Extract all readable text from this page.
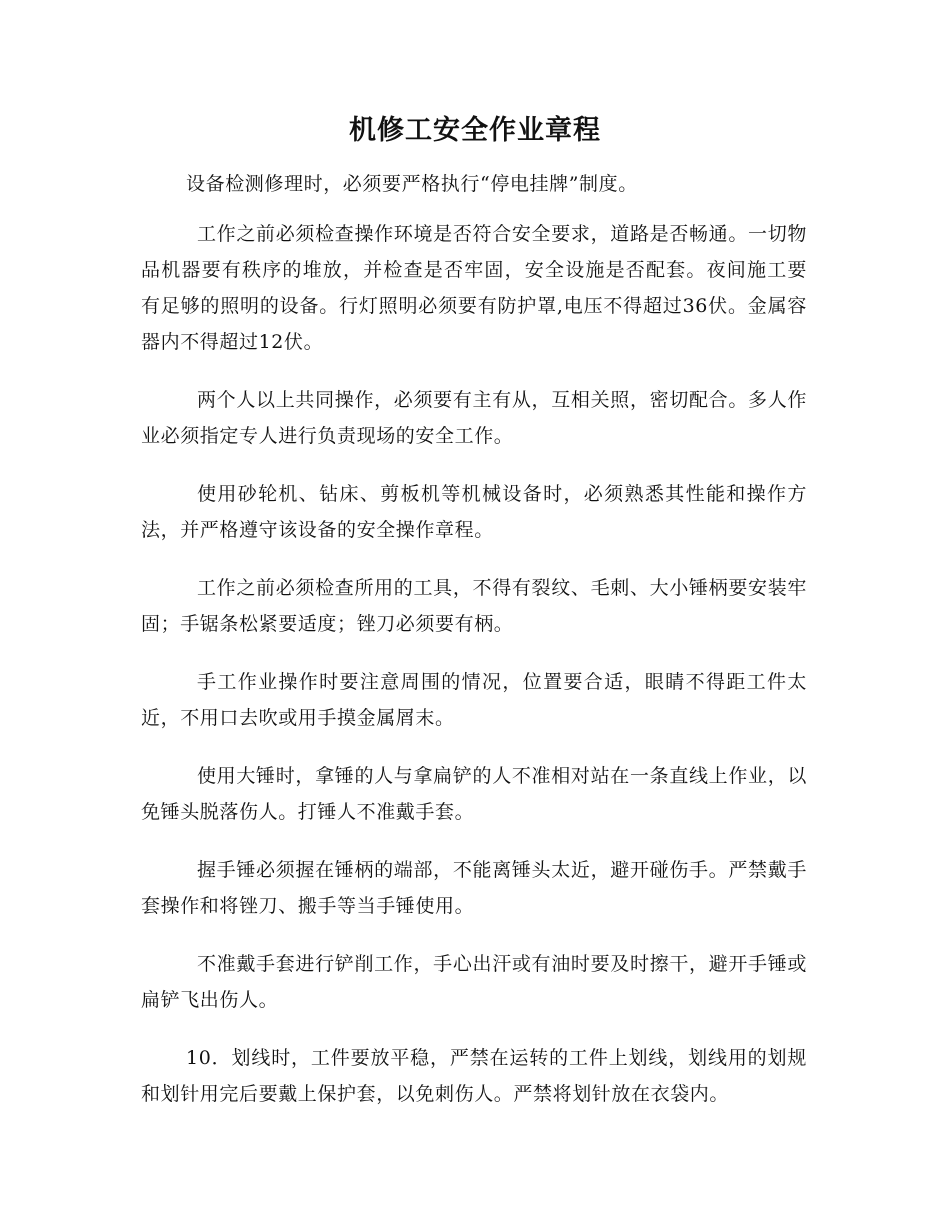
机修工安全作业章程

设备检测修理时，必须要严格执行“停电挂牌”制度。

工作之前必须检查操作环境是否符合安全要求，道路是否畅通。一切物品机器要有秩序的堆放，并检查是否牢固，安全设施是否配套。夜间施工要有足够的照明的设备。行灯照明必须要有防护罩,电压不得超过36伏。金属容器内不得超过12伏。

两个人以上共同操作，必须要有主有从，互相关照，密切配合。多人作业必须指定专人进行负责现场的安全工作。

使用砂轮机、钻床、剪板机等机械设备时，必须熟悉其性能和操作方法，并严格遵守该设备的安全操作章程。

工作之前必须检查所用的工具，不得有裂纹、毛刺、大小锤柄要安装牢固；手锯条松紧要适度；锉刀必须要有柄。

手工作业操作时要注意周围的情况，位置要合适，眼睛不得距工件太近，不用口去吹或用手摸金属屑末。

使用大锤时，拿锤的人与拿扁铲的人不准相对站在一条直线上作业，以免锤头脱落伤人。打锤人不准戴手套。

握手锤必须握在锤柄的端部，不能离锤头太近，避开碰伤手。严禁戴手套操作和将锉刀、搬手等当手锤使用。

不准戴手套进行铲削工作，手心出汗或有油时要及时擦干，避开手锤或扁铲飞出伤人。

10．划线时，工件要放平稳，严禁在运转的工件上划线，划线用的划规和划针用完后要戴上保护套，以免刺伤人。严禁将划针放在衣袋内。
